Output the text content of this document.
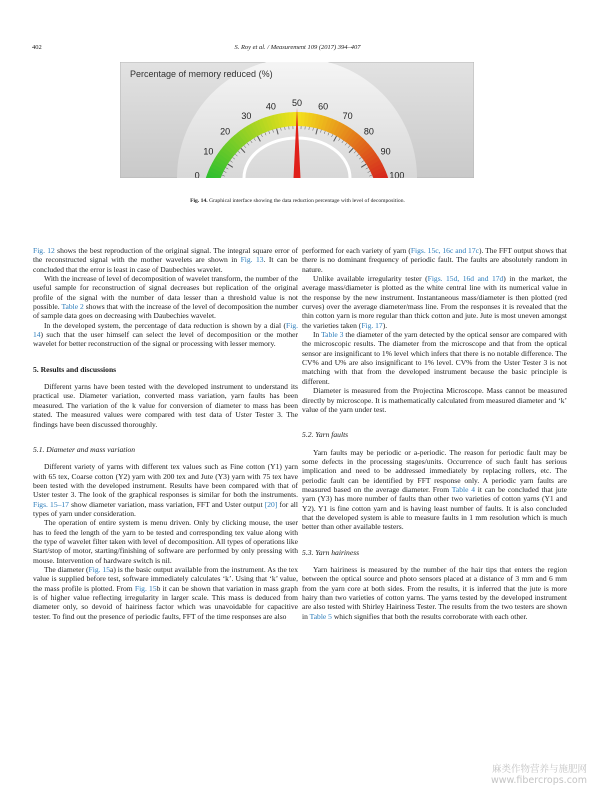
402	S. Roy et al. / Measurement 109 (2017) 394–407
0
10
20
30
40 50 60
70
80
90
100
Percentage of memory reduced (%)
Fig. 14. Graphical interface showing the data reduction percentage with level of decomposition.

Fig. 12 shows the best reproduction of the original signal. The integral square error of the reconstructed signal with the mother wavelets are shown in Fig. 13. It can be concluded that the error is least in case of Daubechies wavelet.

With the increase of level of decomposition of wavelet transform, the number of the useful sample for reconstruction of signal decreases but replication of the original profile of the signal with the number of data lesser than a threshold value is not possible. Table 2 shows that with the increase of the level of decomposition the number of sample data goes on decreasing with Daubechies wavelet.

In the developed system, the percentage of data reduction is shown by a dial (Fig. 14) such that the user himself can select the level of decomposition or the mother wavelet for better reconstruction of the signal or processing with lesser memory.

5. Results and discussions

Different yarns have been tested with the developed instrument to understand its practical use. Diameter variation, converted mass variation, yarn faults has been measured. The variation of the k value for conversion of diameter to mass has been stated. The measured values were compared with test data of Uster Tester 3. The findings have been discussed thoroughly.

5.1. Diameter and mass variation

Different variety of yarns with different tex values such as Fine cotton (Y1) yarn with 65 tex, Coarse cotton (Y2) yarn with 200 tex and Jute (Y3) yarn with 75 tex have been tested with the developed instrument. Results have been compared with that of Uster tester 3. The look of the graphical responses is similar for both the instruments. Figs. 15–17 show diameter variation, mass variation, FFT and Uster output [20] for all types of yarn under consideration.

The operation of entire system is menu driven. Only by clicking mouse, the user has to feed the length of the yarn to be tested and corresponding tex value along with the type of wavelet filter taken with level of decomposition. All types of operations like Start/stop of motor, starting/finishing of software are performed by only pressing with mouse. Intervention of hardware switch is nil.

The diameter (Fig. 15a) is the basic output available from the instrument. As the tex value is supplied before test, software immediately calculates ‘k’. Using that ‘k’ value, the mass profile is plotted. From Fig. 15b it can be shown that variation in mass graph is of higher value reflecting irregularity in larger scale. This mass is deduced from diameter only, so devoid of hairiness factor which was unavoidable for capacitive tester. To find out the presence of periodic faults, FFT of the time responses are also

performed for each variety of yarn (Figs. 15c, 16c and 17c). The FFT output shows that there is no dominant frequency of periodic fault. The faults are absolutely random in nature.

Unlike available irregularity tester (Figs. 15d, 16d and 17d) in the market, the average mass/diameter is plotted as the white central line with its numerical value in the response by the new instrument. Instantaneous mass/diameter is then plotted (red curves) over the average diameter/mass line. From the responses it is revealed that the thin cotton yarn is more regular than thick cotton and jute. Jute is most uneven amongst the varieties taken (Fig. 17).

In Table 3 the diameter of the yarn detected by the optical sensor are compared with the microscopic results. The diameter from the microscope and that from the optical sensor are insignificant to 1% level which infers that there is no notable difference. The CV% and U% are also insignificant to 1% level. CV% from the Uster Tester 3 is not matching with that from the developed instrument because the basic principle is different.

Diameter is measured from the Projectina Microscope. Mass cannot be measured directly by microscope. It is mathematically calculated from measured diameter and ‘k’ value of the yarn under test.

5.2. Yarn faults

Yarn faults may be periodic or a-periodic. The reason for periodic fault may be some defects in the processing stages/units. Occurrence of such fault has serious implication and need to be addressed immediately by replacing rollers, etc. The periodic fault can be identified by FFT response only. A periodic yarn faults are measured based on the average diameter. From Table 4 it can be concluded that jute yarn (Y3) has more number of faults than other two varieties of cotton yarns (Y1 and Y2). Y1 is fine cotton yarn and is having least number of faults. It is also concluded that the developed system is able to measure faults in 1 mm resolution which is much better than other available testers.

5.3. Yarn hairiness

Yarn hairiness is measured by the number of the hair tips that enters the region between the optical source and photo sensors placed at a distance of 3 mm and 6 mm from the yarn core at both sides. From the results, it is inferred that the jute is more hairy than two varieties of cotton yarns. The yarns tested by the developed instrument are also tested with Shirley Hairiness Tester. The results from the two testers are shown in Table 5 which signifies that both the results corroborate with each other.

麻类作物营养与施肥网
www.fibercrops.com
